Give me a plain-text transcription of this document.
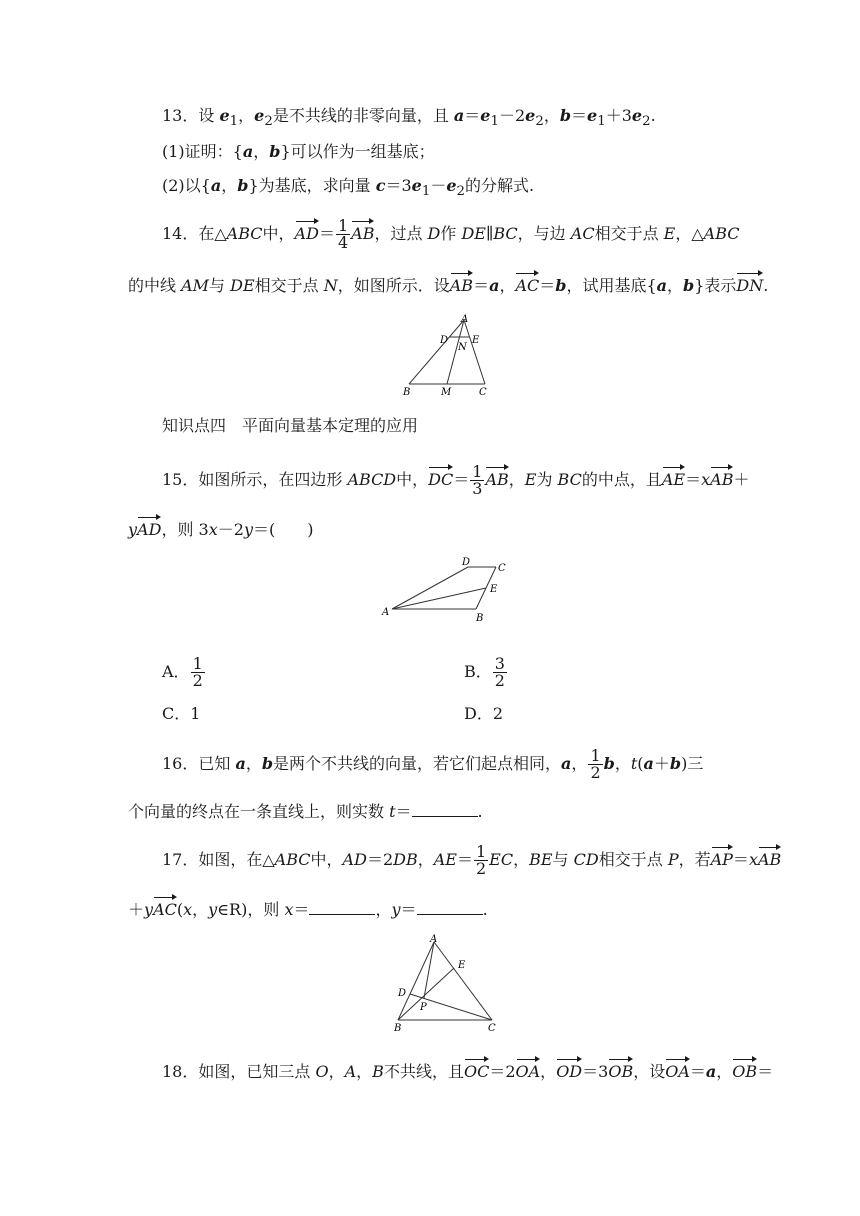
13．设 $e_1$，$e_2$是不共线的非零向量，且 $a=e_1-2e_2$，$b=e_1+3e_2$.
(1)证明：{a，b}可以作为一组基底；
(2)以{a，b}为基底，求向量 $c=3e_1-e_2$的分解式.
14．在△ABC中，$AD= \frac{1}{4}$ AB，过点 D作 DE∥BC，与边 AC相交于点 E，△ABC
的中线 AM与 DE相交于点 N，如图所示．设AB＝a，AC＝b，试用基底{a，b}表示DN.
A
D
N
E
B	M	C
知识点四　平面向量基本定理的应用
15．如图所示，在四边形 ABCD中，$DC= \frac{1}{3}$ AB，E为 BC的中点，且AE＝xAB＋
yAD，则 3x－2y＝(　　)
D
C
E
A
B
A． $\frac{1}{2}$	B． $\frac{3}{2}$
C．1	D．2
16．已知 a，b是两个不共线的向量，若它们起点相同，a， $\frac{1}{2}$ b，t(a＋b)三
个向量的终点在一条直线上，则实数 t＝	.
17．如图，在△ABC中，AD＝2DB，$AE= \frac{1}{2}$ EC，BE与 CD相交于点 P，若AP＝xAB
＋yAC(x，y∈R)，则 x＝	，y＝	.
A
E
D
P
B	C
18．如图，已知三点 O，A，B不共线，且OC＝2OA，OD＝3OB，设OA＝a，OB＝
